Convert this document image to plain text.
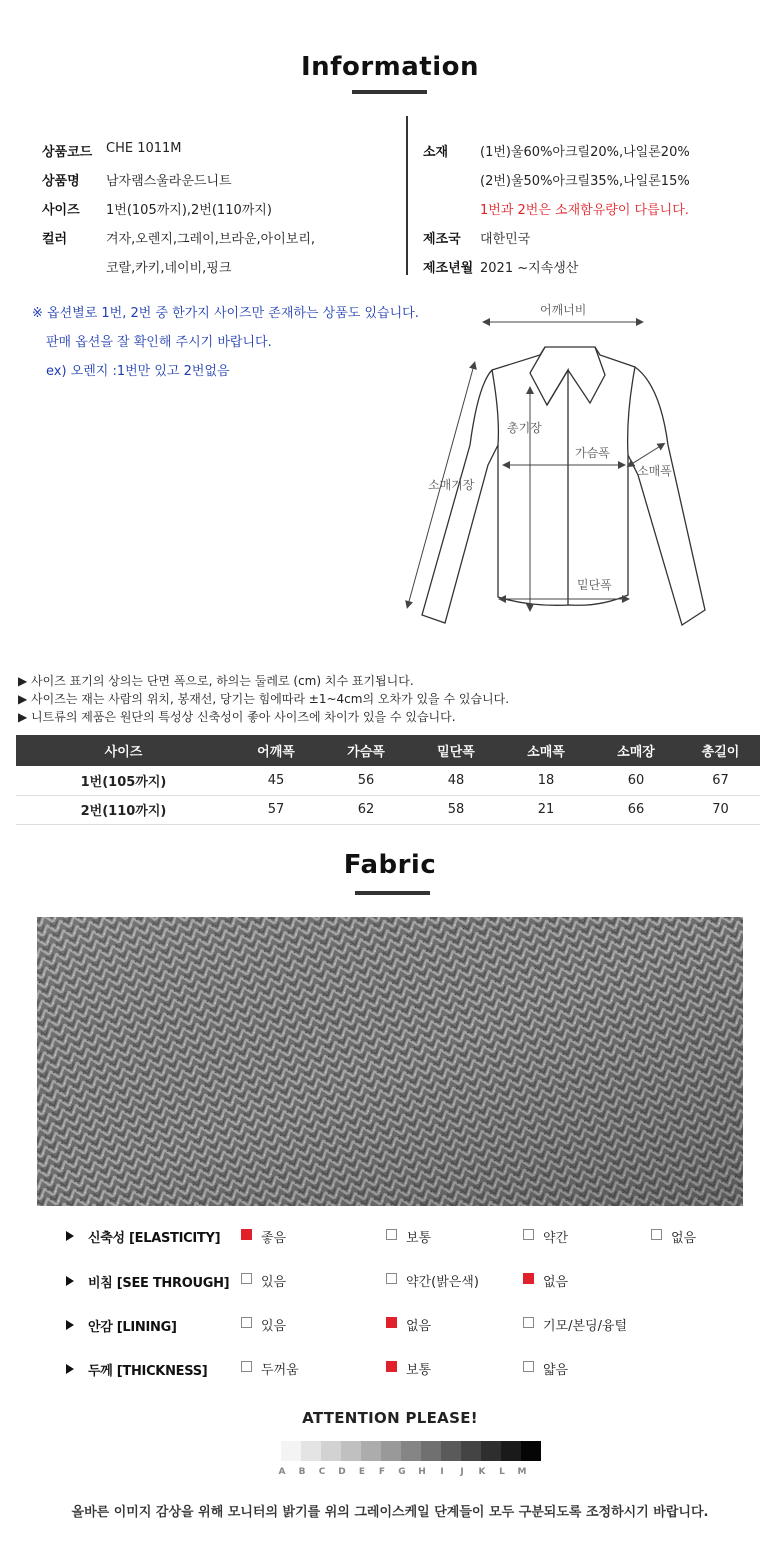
Information
상품코드 CHE 1011M
상품명 남자램스울라운드니트
사이즈 1번(105까지),2번(110까지)
컬러	겨자,오렌지,그레이,브라운,아이보리,
코랄,카키,네이비,핑크
소재 (1번)울60%아크릴20%,나일론20%
(2번)울50%아크릴35%,나일론15%
1번과 2번은 소재함유량이 다릅니다.
제조국 대한민국
제조년월 2021 ~지속생산
※ 옵션별로 1번, 2번 중 한가지 사이즈만 존재하는 상품도 있습니다.
판매 옵션을 잘 확인해 주시기 바랍니다.
ex) 오렌지 :1번만 있고 2번없음
어깨너비
총기장
가슴폭
소매폭
소매기장
밑단폭
▶ 사이즈 표기의 상의는 단면 폭으로, 하의는 둘레로 (cm) 치수 표기됩니다.
▶ 사이즈는 재는 사람의 위치, 봉재선, 당기는 힘에따라 ±1~4cm의 오차가 있을 수 있습니다.
▶ 니트류의 제품은 원단의 특성상 신축성이 좋아 사이즈에 차이가 있을 수 있습니다.
사이즈	어깨폭	가슴폭	밑단폭	소매폭	소매장	총길이
1번(105까지)	45	56	48	18	60	67
2번(110까지)	57	62	58	21	66	70
Fabric
신축성 [ELASTICITY]	좋음	보통	약간	없음
비침 [SEE THROUGH] 있음	약간(밝은색)	없음
안감 [LINING]	있음	없음	기모/본딩/융털
두께 [THICKNESS]	두꺼움	보통	얇음
ATTENTION PLEASE!
A	B	C	D	E	F	G	H	I	J	K	L	M
올바른 이미지 감상을 위해 모니터의 밝기를 위의 그레이스케일 단계들이 모두 구분되도록 조정하시기 바랍니다.
